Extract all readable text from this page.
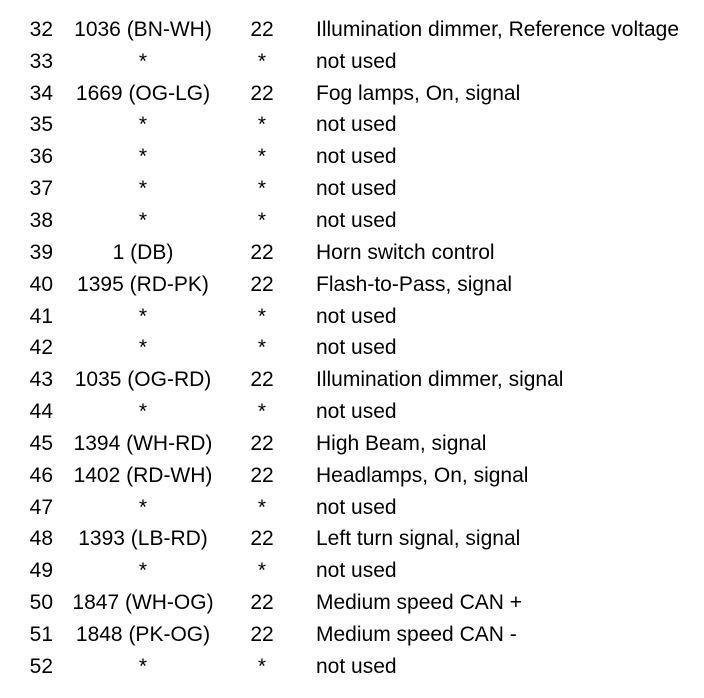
32	1036 (BN-WH)	22	Illumination dimmer, Reference voltage
33	*	*	not used
34	1669 (OG-LG)	22	Fog lamps, On, signal
35	*	*	not used
36	*	*	not used
37	*	*	not used
38	*	*	not used
39	1 (DB)	22	Horn switch control
40	1395 (RD-PK)	22	Flash-to-Pass, signal
41	*	*	not used
42	*	*	not used
43	1035 (OG-RD)	22	Illumination dimmer, signal
44	*	*	not used
45 1394 (WH-RD)	22	High Beam, signal
46 1402 (RD-WH)	22	Headlamps, On, signal
47	*	*	not used
48	1393 (LB-RD)	22	Left turn signal, signal
49	*	*	not used
50 1847 (WH-OG)	22	Medium speed CAN +
51	1848 (PK-OG)	22	Medium speed CAN -
52	*	*	not used
